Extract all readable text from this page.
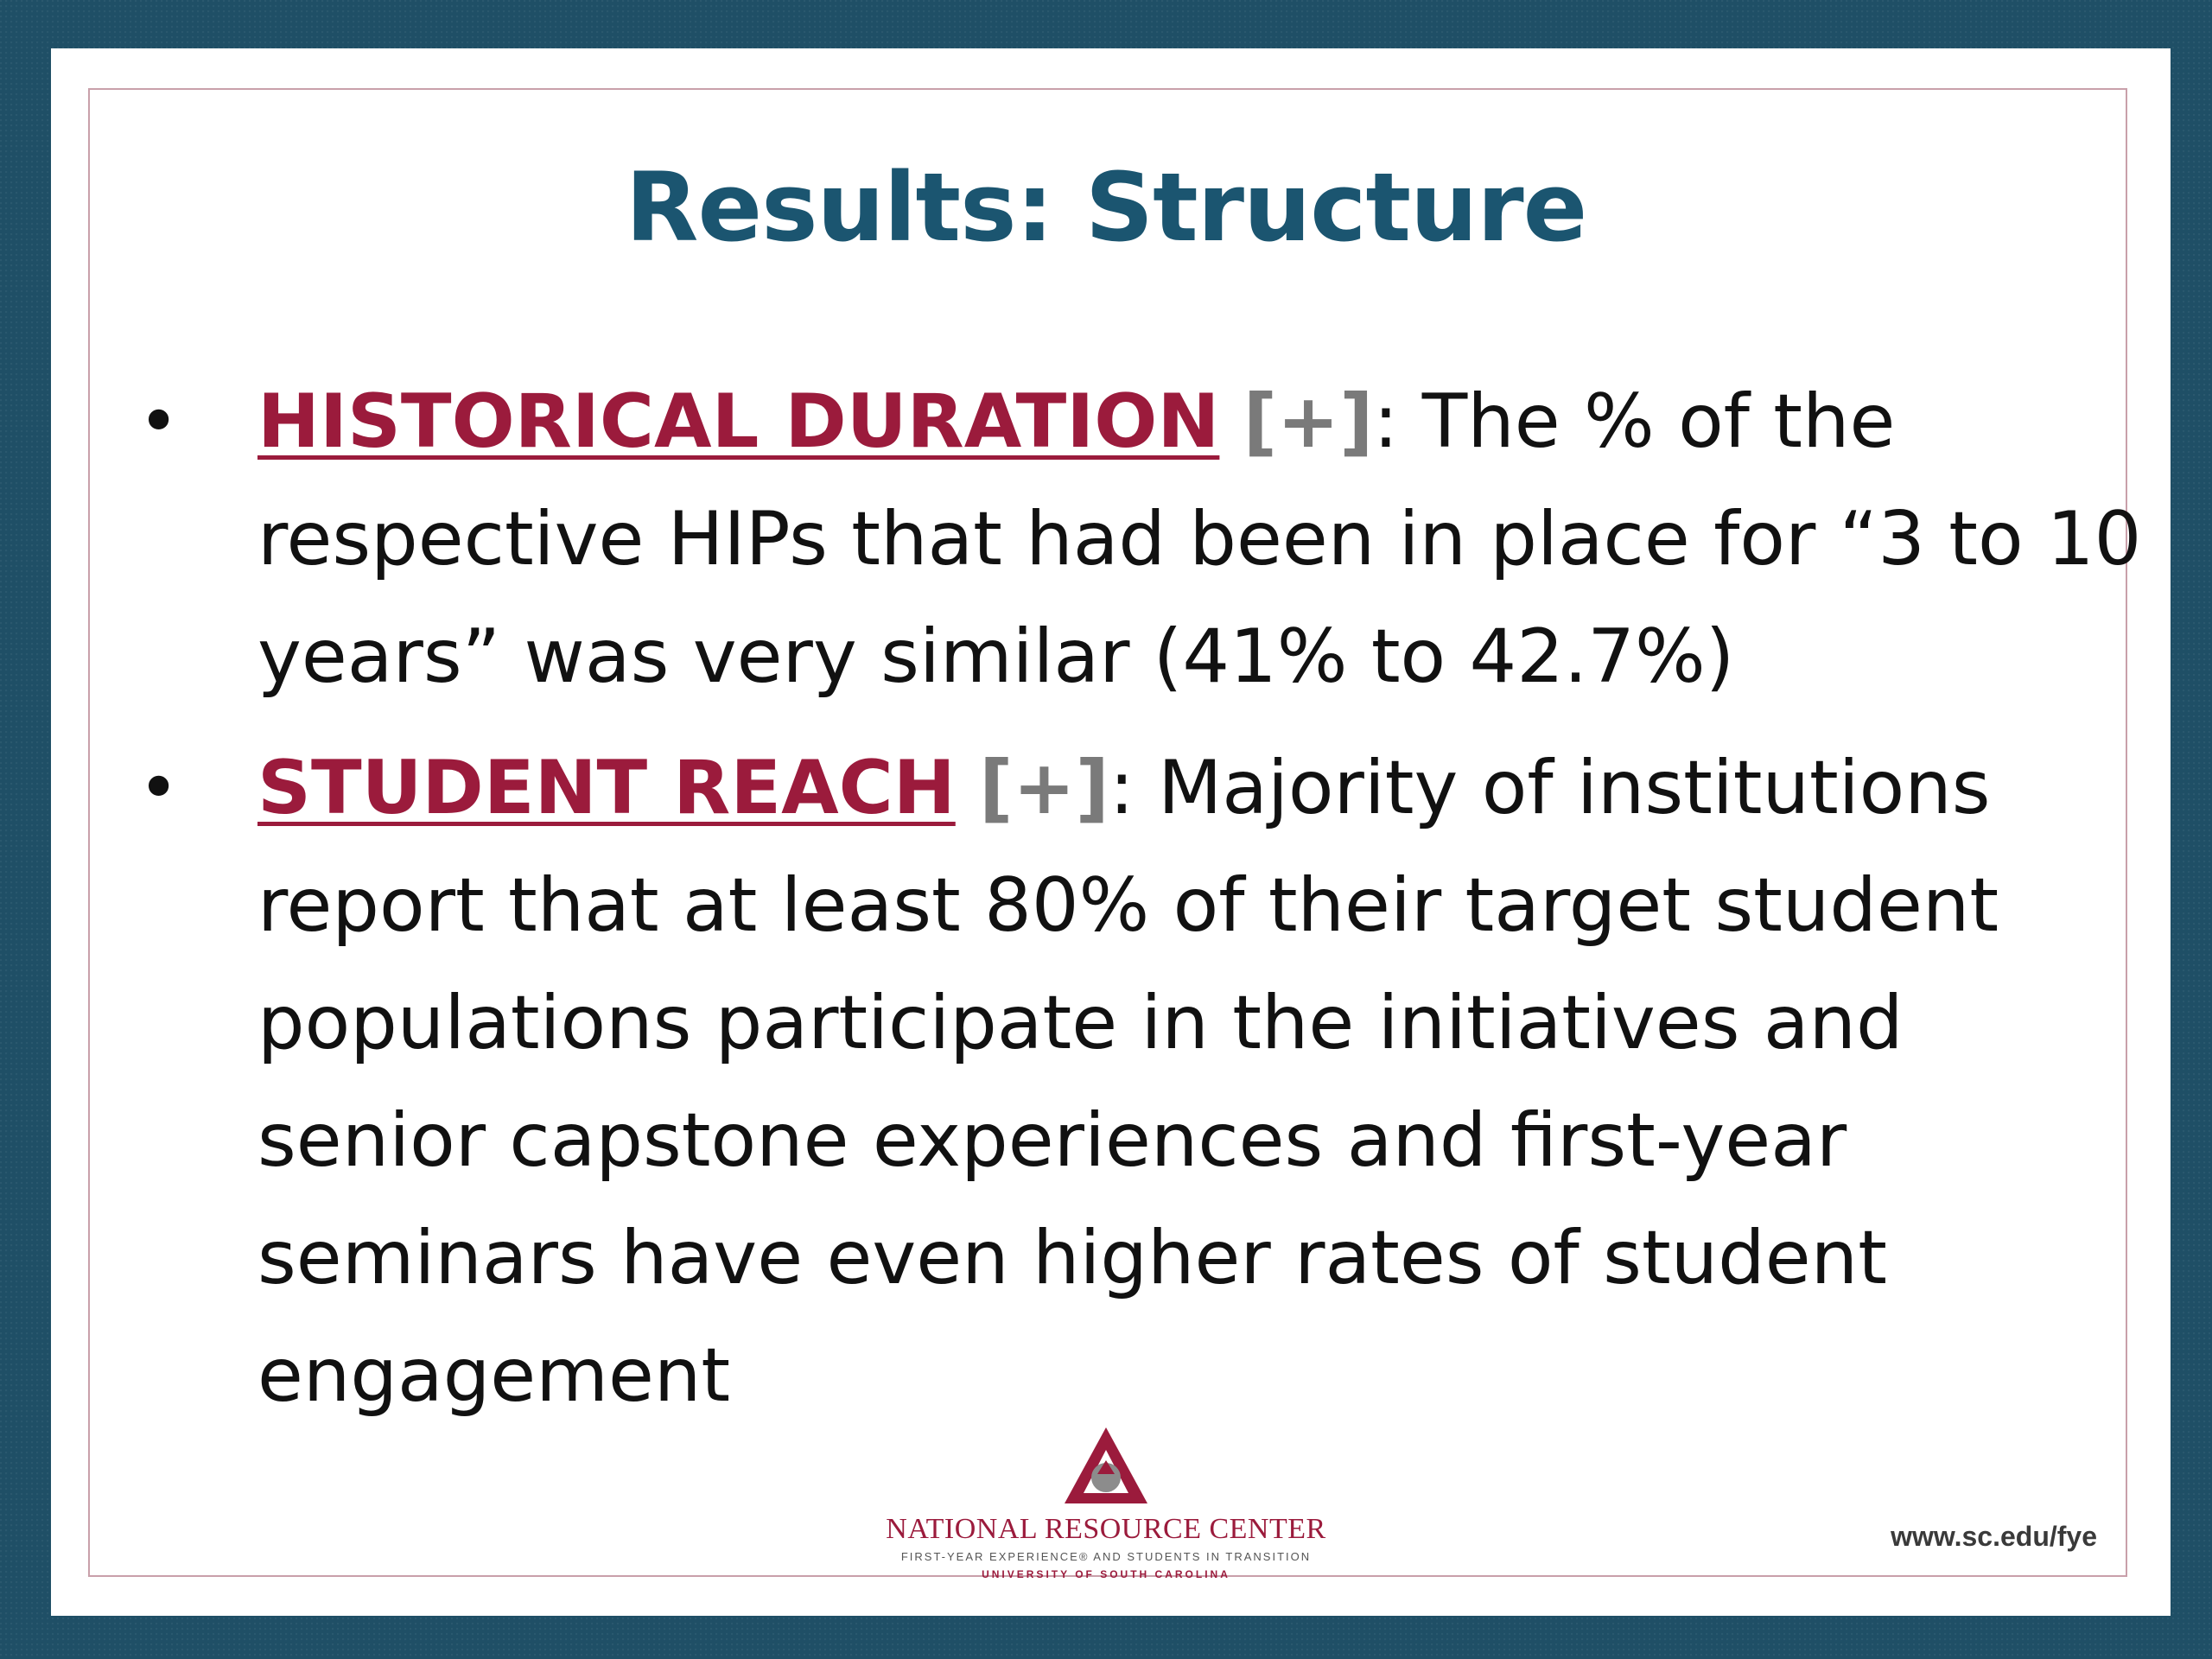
Results: Structure
• HISTORICAL DURATION [+]: The % of the respective HIPs that had been in place for “3 to 10 years” was very similar (41% to 42.7%)
• STUDENT REACH [+]: Majority of institutions report that at least 80% of their target student populations participate in the initiatives and senior capstone experiences and first-year seminars have even higher rates of student engagement
NATIONAL RESOURCE CENTER
FIRST-YEAR EXPERIENCE® AND STUDENTS IN TRANSITION
UNIVERSITY OF SOUTH CAROLINA
www.sc.edu/fye
